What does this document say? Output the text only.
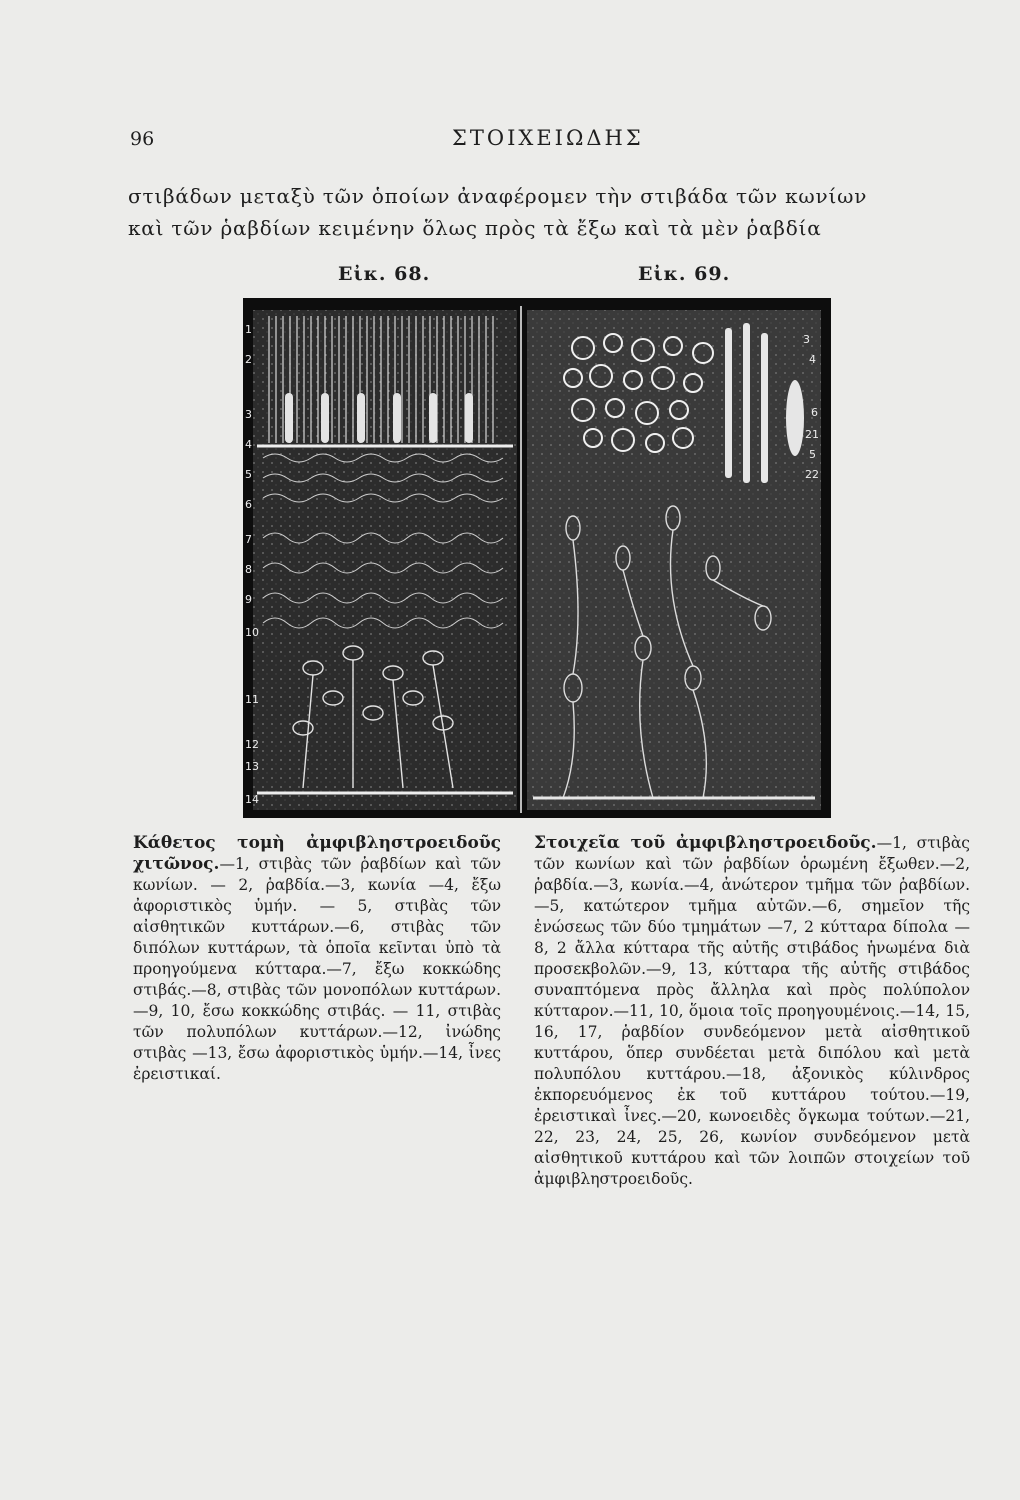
96	ΣΤΟΙΧΕΙΩΔΗΣ

στιβάδων μεταξὺ τῶν ὁποίων ἀναφέρομεν τὴν στιβάδα τῶν κωνίων

καὶ τῶν ῥαβδίων κειμένην ὅλως πρὸς τὰ ἔξω καὶ τὰ μὲν ῥαβδία

Εἰκ. 68.	Εἰκ. 69.
1
2
3
4
5
6
7
8
9
10
11
12
13
14
3
4
6
21
5
22

Κάθετος τομὴ ἀμφιβληστροειδοῦς χιτῶνος.—1, στιβὰς τῶν ῥαβδίων καὶ τῶν κωνίων. — 2, ῥαβδία.—3, κωνία —4, ἔξω ἀφοριστικὸς ὑμήν. — 5, στιβὰς τῶν αἰσθητικῶν κυττάρων.—6, στιβὰς τῶν διπόλων κυττάρων, τὰ ὁποῖα κεῖνται ὑπὸ τὰ προηγούμενα κύτταρα.—7, ἔξω κοκκώδης στιβάς.—8, στιβὰς τῶν μονοπόλων κυττάρων.—9, 10, ἔσω κοκκώδης στιβάς. — 11, στιβὰς τῶν πολυπόλων κυττάρων.—12, ἰνώδης στιβὰς —13, ἔσω ἀφοριστικὸς ὑμήν.—14, ἶνες ἐρειστικαί.

Στοιχεῖα τοῦ ἀμφιβληστροειδοῦς.—1, στιβὰς τῶν κωνίων καὶ τῶν ῥαβδίων ὁρωμένη ἔξωθεν.—2, ῥαβδία.—3, κωνία.—4, ἀνώτερον τμῆμα τῶν ῥαβδίων.—5, κατώτερον τμῆμα αὐτῶν.—6, σημεῖον τῆς ἑνώσεως τῶν δύο τμημάτων —7, 2 κύτταρα δίπολα — 8, 2 ἄλλα κύτταρα τῆς αὐτῆς στιβάδος ἡνωμένα διὰ προσεκβολῶν.—9, 13, κύτταρα τῆς αὐτῆς στιβάδος συναπτόμενα πρὸς ἄλληλα καὶ πρὸς πολύπολον κύτταρον.—11, 10, ὅμοια τοῖς προηγουμένοις.—14, 15, 16, 17, ῥαβδίον συνδεόμενον μετὰ αἰσθητικοῦ κυττάρου, ὅπερ συνδέεται μετὰ διπόλου καὶ μετὰ πολυπόλου κυττάρου.—18, ἀξονικὸς κύλινδρος ἐκπορευόμενος ἐκ τοῦ κυττάρου τούτου.—19, ἐρειστικαὶ ἶνες.—20, κωνοειδὲς ὄγκωμα τούτων.—21, 22, 23, 24, 25, 26, κωνίον συνδεόμενον μετὰ αἰσθητικοῦ κυττάρου καὶ τῶν λοιπῶν στοιχείων τοῦ ἀμφιβληστροειδοῦς.
